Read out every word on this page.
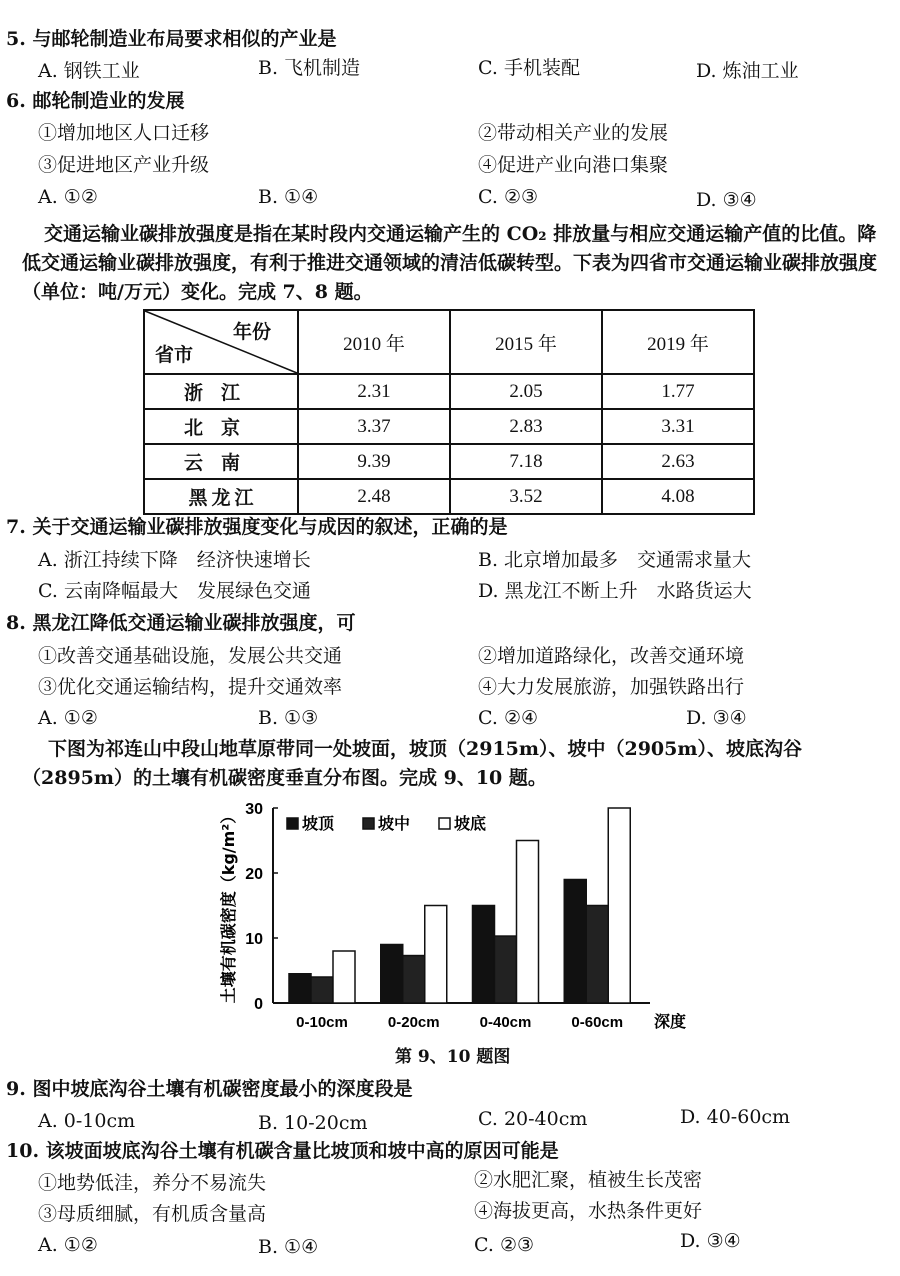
5. 与邮轮制造业布局要求相似的产业是
A. 钢铁工业	B. 飞机制造	C. 手机装配	D. 炼油工业
6. 邮轮制造业的发展
①增加地区人口迁移	②带动相关产业的发展
③促进地区产业升级	④促进产业向港口集聚
A. ①②	B. ①④	C. ②③	D. ③④
交通运输业碳排放强度是指在某时段内交通运输产生的 CO₂ 排放量与相应交通运输产值的比值。降低交通运输业碳排放强度，有利于推进交通领域的清洁低碳转型。下表为四省市交通运输业碳排放强度（单位：吨/万元）变化。完成 7、8 题。
年份
省市	2010 年	2015 年	2019 年
浙江	2.31	2.05	1.77
北京	3.37	2.83	3.31
云南	9.39	7.18	2.63
黑龙江	2.48	3.52	4.08
7. 关于交通运输业碳排放强度变化与成因的叙述，正确的是
A. 浙江持续下降　经济快速增长	B. 北京增加最多　交通需求量大
C. 云南降幅最大　发展绿色交通	D. 黑龙江不断上升　水路货运大
8. 黑龙江降低交通运输业碳排放强度，可
①改善交通基础设施，发展公共交通	②增加道路绿化，改善交通环境
③优化交通运输结构，提升交通效率	④大力发展旅游，加强铁路出行
A. ①②	B. ①③	C. ②④	D. ③④
下图为祁连山中段山地草原带同一处坡面，坡顶（2915m）、坡中（2905m）、坡底沟谷（2895m）的土壤有机碳密度垂直分布图。完成 9、10 题。
0
10
20
30
土壤有机碳密度（kg/m²）
0-10cm	0-20cm	0-40cm	0-60cm 深度
坡顶	坡中	坡底
第 9、10 题图
9. 图中坡底沟谷土壤有机碳密度最小的深度段是
A. 0-10cm	B. 10-20cm	C. 20-40cm	D. 40-60cm
10. 该坡面坡底沟谷土壤有机碳含量比坡顶和坡中高的原因可能是
①地势低洼，养分不易流失	②水肥汇聚，植被生长茂密
③母质细腻，有机质含量高	④海拔更高，水热条件更好
A. ①②	B. ①④	C. ②③	D. ③④
